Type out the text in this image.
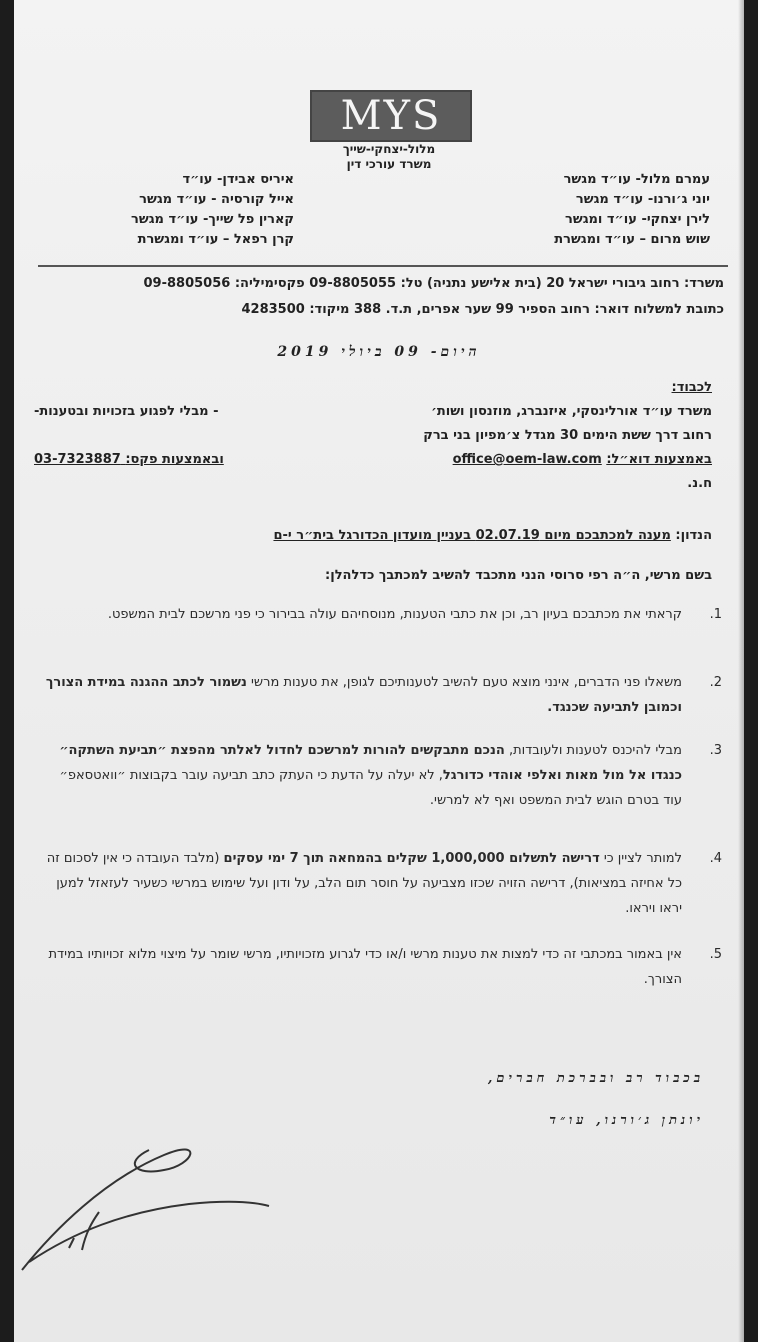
MYS
מלול-יצחקי-שייך
משרד עורכי דין
עמרם מלול- עו״ד מגשר
יוני ג׳ורנו- עו״ד מגשר
לירן יצחקי- עו״ד ומגשר
שוש מרום – עו״ד ומגשרת
איריס אבידן- עו״ד
אייל קורסיה - עו״ד מגשר
קארין פל שייך- עו״ד מגשר
קרן רפאל – עו״ד ומגשרת
משרד: רחוב גיבורי ישראל 20 (בית אלישע נתניה) טל: 09-8805055 פקסימיליה: 09-8805056
כתובת למשלוח דואר: רחוב הספיר 99 שער אפרים, ת.ד. 388 מיקוד: 4283500
היום- 09 ביולי 2019
לכבוד:
משרד עו״ד אורלינסקי, איזנברג, מוזנסון ושות׳
- מבלי לפגוע בזכויות ובטענות-
רחוב דרך ששת הימים 30 מגדל צ׳מפיון בני ברק
באמצעות דוא״ל: office@oem-law.com
ובאמצעות פקס: 03-7323887
ח.נ.
הנדון: מענה למכתבכם מיום 02.07.19 בעניין מועדון הכדורגל בית״ר י-ם
בשם מרשי, ה״ה רפי סרוסי הנני מתכבד להשיב למכתבך כדלהלן:
1.
קראתי את מכתבכם בעיון רב, וכן את כתבי הטענות, מנוסחיהם עולה בבירור כי פני מרשכם לבית המשפט.
2.
משאלו פני הדברים, אינני מוצא טעם להשיב לטענותיכם לגופן, את טענות מרשי נשמור לכתב ההגנה במידת הצורך וכמובן לתביעה שכנגד.
3.
מבלי להיכנס לטענות ולעובדות, הנכם מתבקשים להורות למרשכם לחדול לאלתר מהפצת ״תביעת השתקה״ כנגדו אל מול מאות ואלפי אוהדי כדורגל, לא יעלה על הדעת כי העתק כתב תביעה עובר בקבוצות ״וואטסאפ״ עוד בטרם הוגש לבית המשפט ואף לא למרשי.
4.
למותר לציין כי דרישה לתשלום 1,000,000 שקלים בהמחאה תוך 7 ימי עסקים (מלבד העובדה כי אין לסכום זה כל אחיזה במציאות), דרישה הזויה שכזו מצביעה על חוסר תום הלב, על ודון ועל שימוש במרשי כשעיר לעזאזל למען יראו ויראו.
5.
אין באמור במכתבי זה כדי למצות את טענות מרשי ו/או כדי לגרוע מזכויותיו, מרשי שומר על מיצוי מלוא זכויותיו במידת הצורך.
בכבוד רב ובברכת חברים,
יונתן ג׳ורנו, עו״ד
